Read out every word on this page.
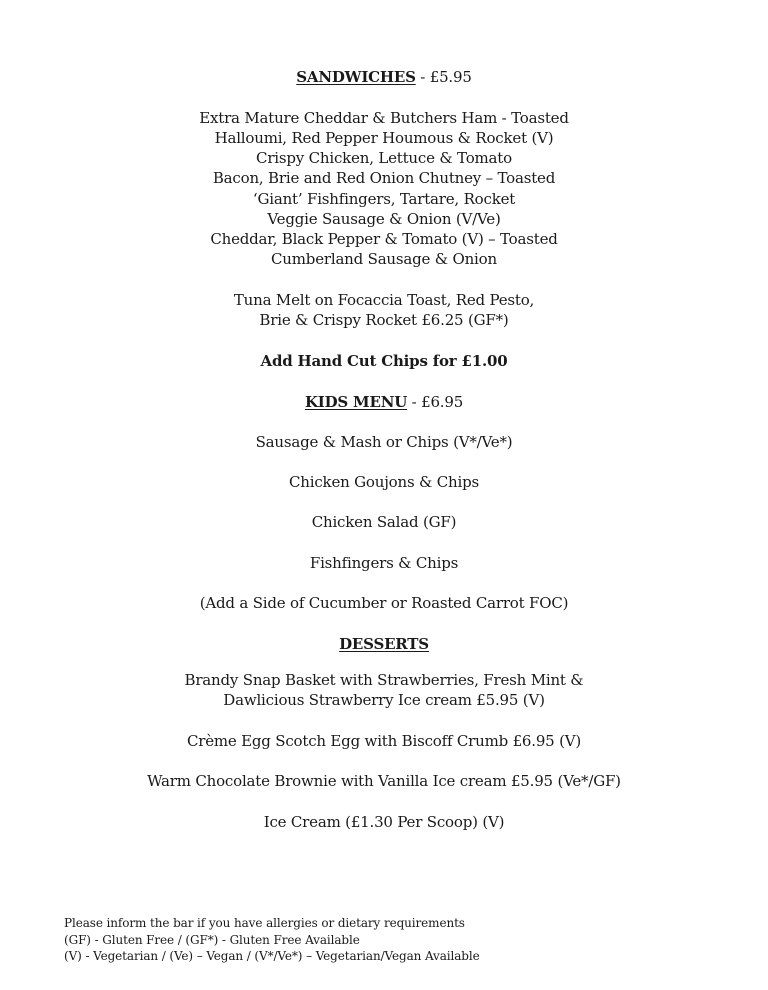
SANDWICHES - £5.95
Extra Mature Cheddar & Butchers Ham - Toasted
Halloumi, Red Pepper Houmous & Rocket (V)
Crispy Chicken, Lettuce & Tomato
Bacon, Brie and Red Onion Chutney – Toasted
‘Giant’ Fishfingers, Tartare, Rocket
Veggie Sausage & Onion (V/Ve)
Cheddar, Black Pepper & Tomato (V) – Toasted
Cumberland Sausage & Onion
Tuna Melt on Focaccia Toast, Red Pesto,
Brie & Crispy Rocket £6.25 (GF*)
Add Hand Cut Chips for £1.00
KIDS MENU - £6.95
Sausage & Mash or Chips (V*/Ve*)
Chicken Goujons & Chips
Chicken Salad (GF)
Fishfingers & Chips
(Add a Side of Cucumber or Roasted Carrot FOC)
DESSERTS
Brandy Snap Basket with Strawberries, Fresh Mint &
Dawlicious Strawberry Ice cream £5.95 (V)
Crème Egg Scotch Egg with Biscoff Crumb £6.95 (V)
Warm Chocolate Brownie with Vanilla Ice cream £5.95 (Ve*/GF)
Ice Cream (£1.30 Per Scoop) (V)
Please inform the bar if you have allergies or dietary requirements
(GF) - Gluten Free / (GF*) - Gluten Free Available
(V) - Vegetarian / (Ve) – Vegan / (V*/Ve*) – Vegetarian/Vegan Available
